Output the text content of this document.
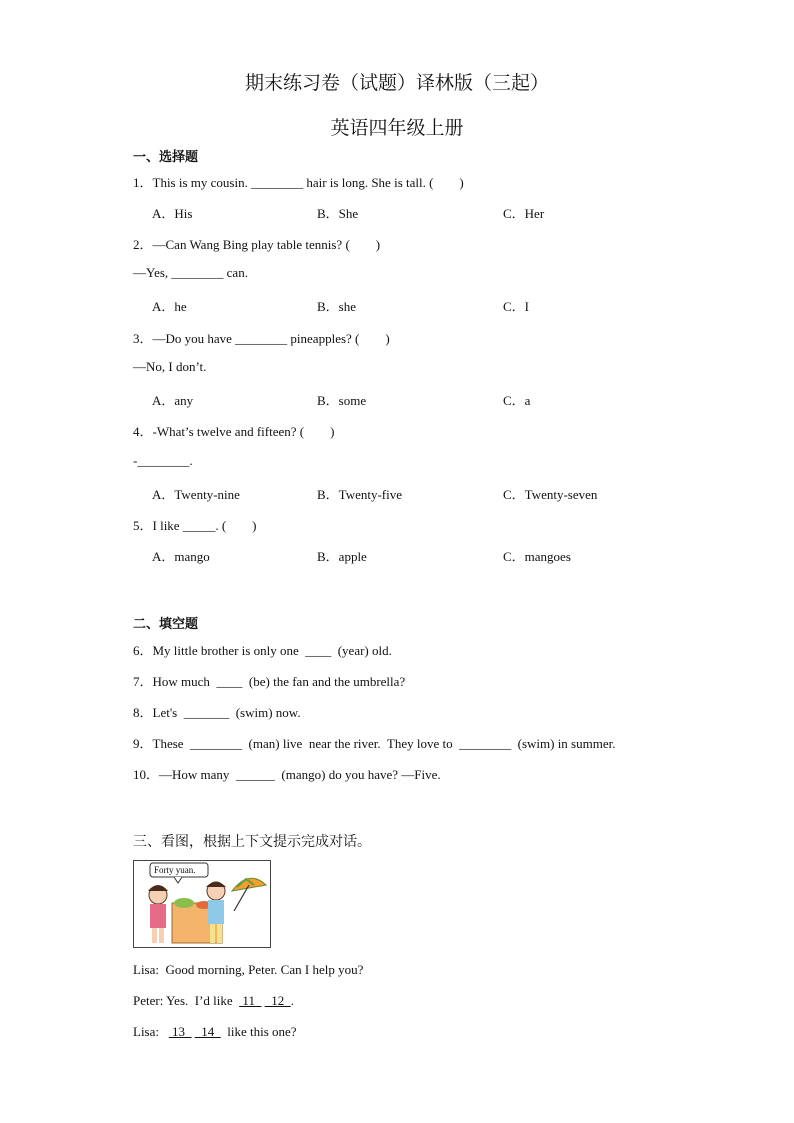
期末练习卷（试题）译林版（三起）
英语四年级上册
一、选择题
1．This is my cousin. ________ hair is long. She is tall. (　　)
A．His	B．She	C．Her
2．—Can Wang Bing play table tennis? (　　)
—Yes, ________ can.
A．he	B．she	C．I
3．—Do you have ________ pineapples? (　　)
—No, I don’t.
A．any	B．some	C．a
4．-What’s twelve and fifteen? (　　)
-________.
A．Twenty-nine	B．Twenty-five	C．Twenty-seven
5．I like _____. (　　)
A．mango	B．apple	C．mangoes
二、填空题
6．My little brother is only one  ____  (year) old.
7．How much  ____  (be) the fan and the umbrella?
8．Let's  _______  (swim) now.
9．These  ________  (man) live  near the river.  They love to  ________  (swim) in summer.
10．—How many  ______  (mango) do you have? —Five.
三、看图，根据上下文提示完成对话。
Forty yuan.
Lisa:  Good morning, Peter. Can I help you?
Peter: Yes.  I’d like   11     12  .
Lisa:    13     14    like this one?
